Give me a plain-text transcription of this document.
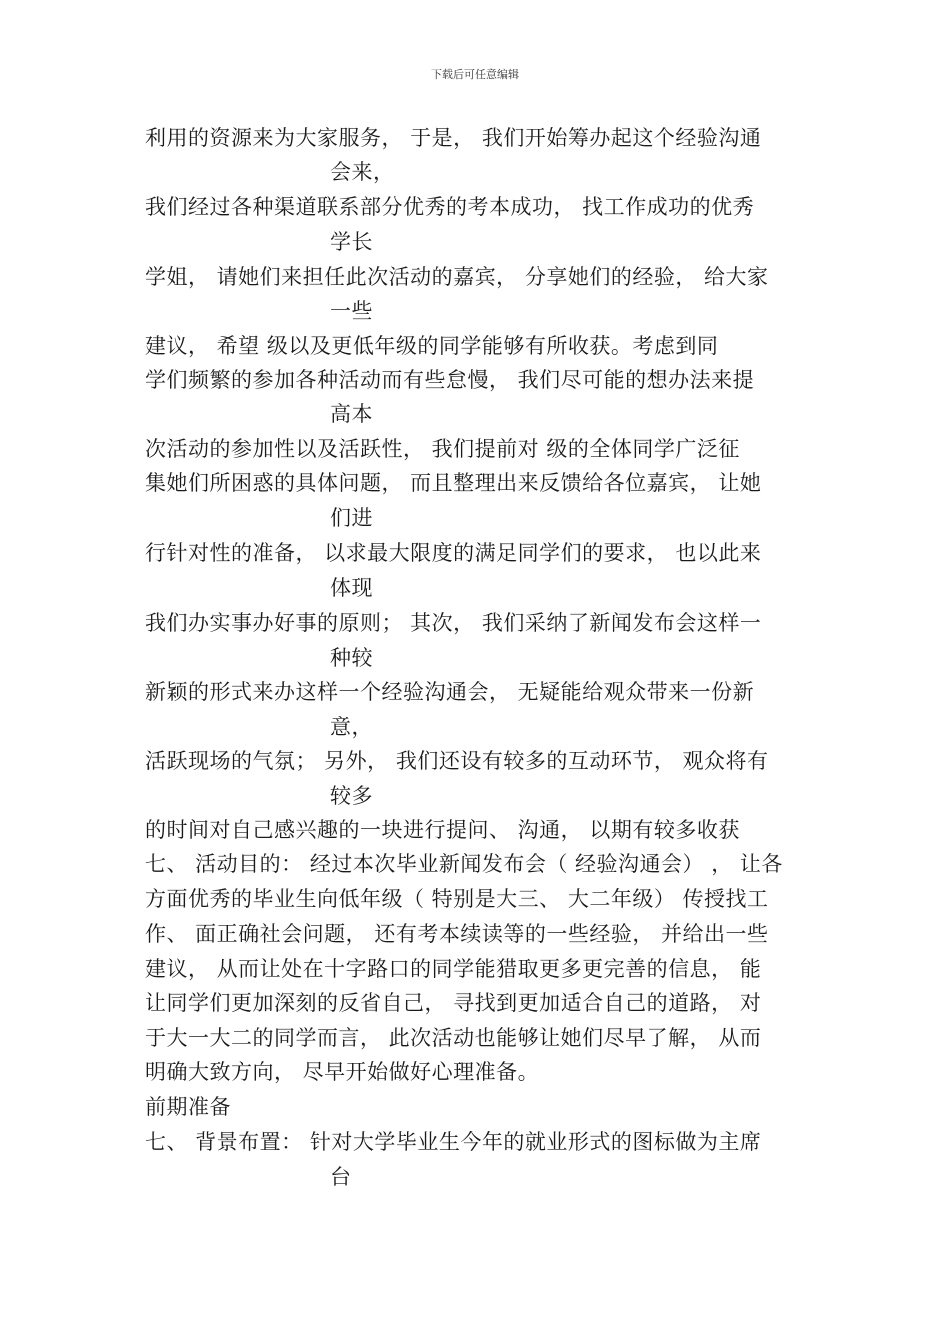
下载后可任意编辑
利用的资源来为大家服务， 于是， 我们开始筹办起这个经验沟通
会来，
我们经过各种渠道联系部分优秀的考本成功， 找工作成功的优秀
学长
学姐， 请她们来担任此次活动的嘉宾， 分享她们的经验， 给大家
一些
建议， 希望 级以及更低年级的同学能够有所收获。考虑到同
学们频繁的参加各种活动而有些怠慢， 我们尽可能的想办法来提
高本
次活动的参加性以及活跃性， 我们提前对 级的全体同学广泛征
集她们所困惑的具体问题， 而且整理出来反馈给各位嘉宾， 让她
们进
行针对性的准备， 以求最大限度的满足同学们的要求， 也以此来
体现
我们办实事办好事的原则； 其次， 我们采纳了新闻发布会这样一
种较
新颖的形式来办这样一个经验沟通会， 无疑能给观众带来一份新
意，
活跃现场的气氛； 另外， 我们还设有较多的互动环节， 观众将有
较多
的时间对自己感兴趣的一块进行提问、 沟通， 以期有较多收获
七、 活动目的： 经过本次毕业新闻发布会（ 经验沟通会） ， 让各
方面优秀的毕业生向低年级（ 特别是大三、 大二年级） 传授找工
作、 面正确社会问题， 还有考本续读等的一些经验， 并给出一些
建议， 从而让处在十字路口的同学能猎取更多更完善的信息， 能
让同学们更加深刻的反省自己， 寻找到更加适合自己的道路， 对
于大一大二的同学而言， 此次活动也能够让她们尽早了解， 从而
明确大致方向， 尽早开始做好心理准备。
前期准备
七、 背景布置： 针对大学毕业生今年的就业形式的图标做为主席
台
